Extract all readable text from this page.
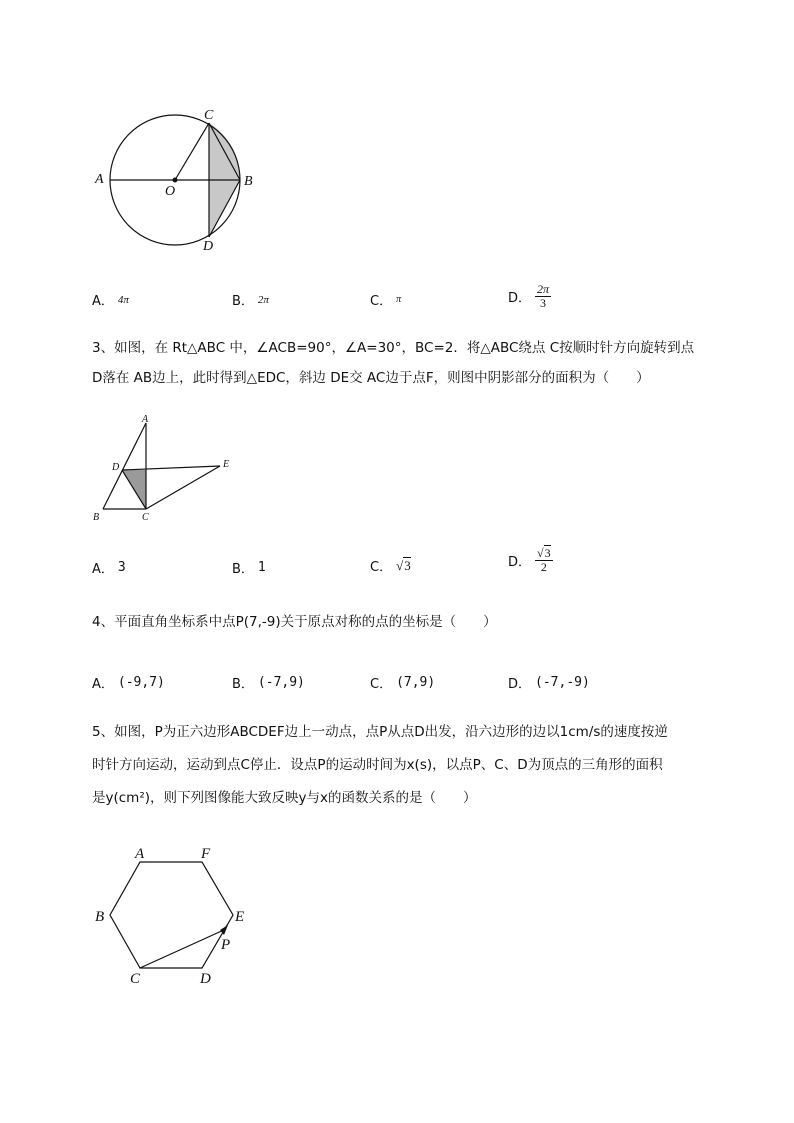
A	B
C
D
O
A． 4π	B． 2π	C． π	D． $\frac{2\pi}{3}$
3、如图，在 Rt△ABC 中，∠ACB=90°，∠A=30°，BC=2．将△ABC绕点 C按顺时针方向旋转到点
D落在 AB边上，此时得到△EDC，斜边 DE交 AC边于点F，则图中阴影部分的面积为（　　）
A
B	C
D	E
A． 3	B． 1	C． √3	D． $\frac{√3}{2}$
4、平面直角坐标系中点P(7,-9)关于原点对称的点的坐标是（　　）
A． (-9,7)	B． (-7,9)	C． (7,9)	D． (-7,-9)
5、如图，P为正六边形ABCDEF边上一动点，点P从点D出发，沿六边形的边以1cm/s的速度按逆
时针方向运动，运动到点C停止．设点P的运动时间为x(s)，以点P、C、D为顶点的三角形的面积
是y(cm²)，则下列图像能大致反映y与x的函数关系的是（　　）
A	F
B	E
C	D
P
